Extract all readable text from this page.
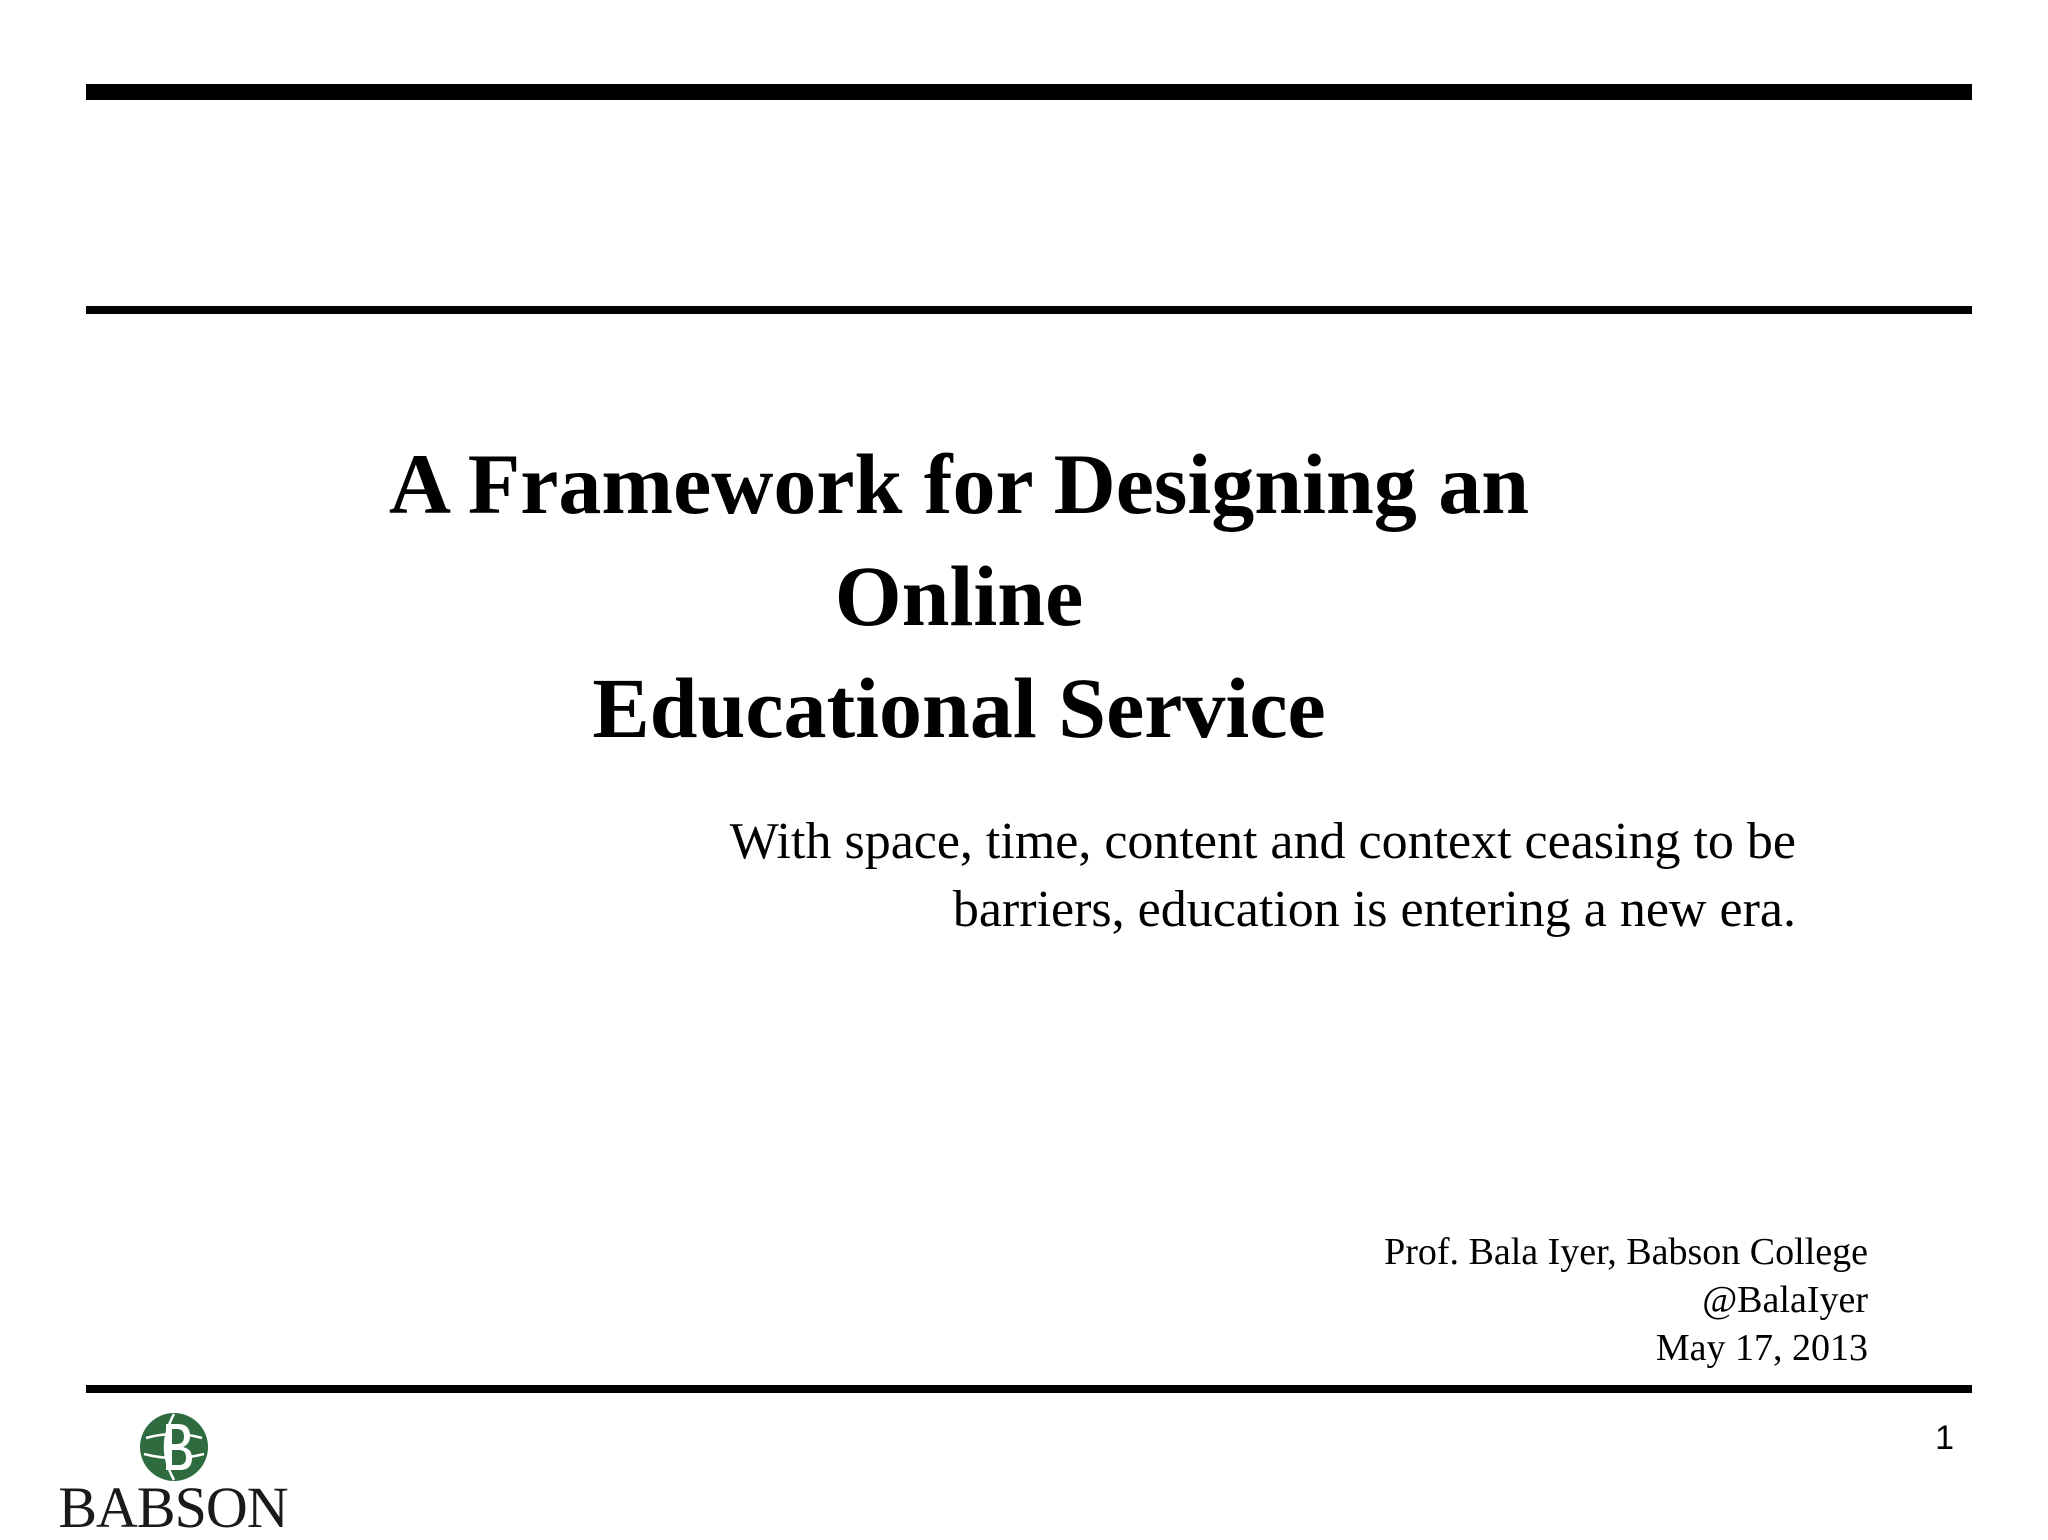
A Framework for Designing an Online
Educational Service
With space, time, content and context ceasing to be
barriers, education is entering a new era.
Prof. Bala Iyer, Babson College
@BalaIyer
May 17, 2013
BABSON
1
